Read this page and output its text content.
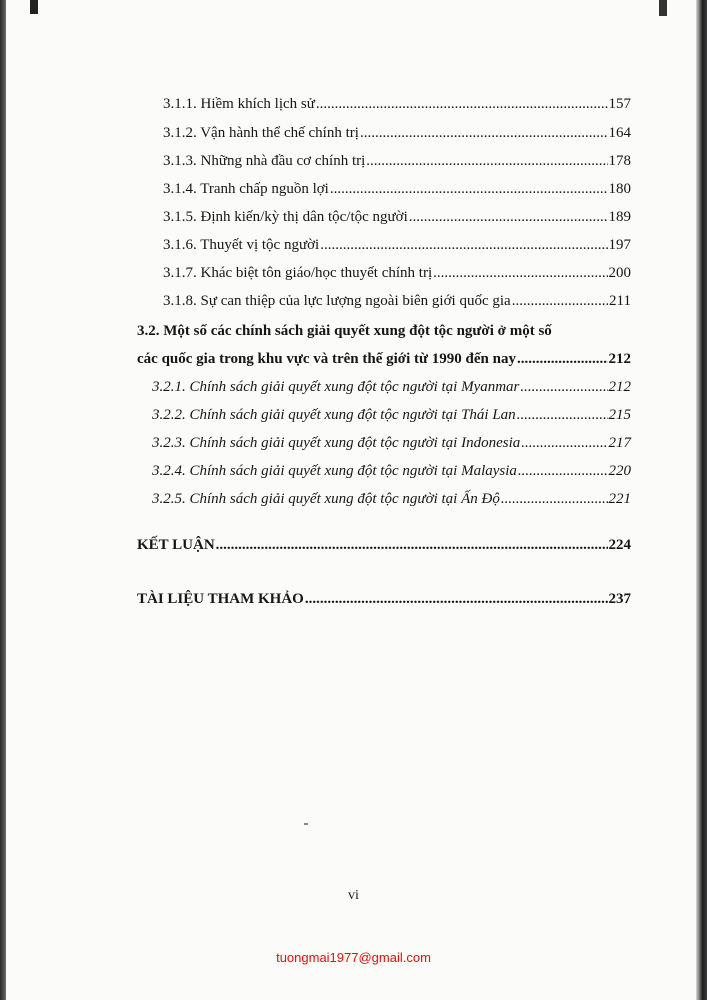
3.1.1. Hiềm khích lịch sử .....	157
3.1.2. Vận hành thể chế chính trị .....	164
3.1.3. Những nhà đầu cơ chính trị .....	178
3.1.4. Tranh chấp nguồn lợi .....	180
3.1.5. Định kiến/kỳ thị dân tộc/tộc người .....	189
3.1.6. Thuyết vị tộc người .....	197
3.1.7. Khác biệt tôn giáo/học thuyết chính trị .....	200
3.1.8. Sự can thiệp của lực lượng ngoài biên giới quốc gia .....	211
3.2. Một số các chính sách giải quyết xung đột tộc người ở một số
các quốc gia trong khu vực và trên thế giới từ 1990 đến nay .....	212
3.2.1. Chính sách giải quyết xung đột tộc người tại Myanmar .....	212
3.2.2. Chính sách giải quyết xung đột tộc người tại Thái Lan .....	215
3.2.3. Chính sách giải quyết xung đột tộc người tại Indonesia .....	217
3.2.4. Chính sách giải quyết xung đột tộc người tại Malaysia .....	220
3.2.5. Chính sách giải quyết xung đột tộc người tại Ấn Độ .....	221
KẾT LUẬN .....	224
TÀI LIỆU THAM KHẢO .....	237
vi
tuongmai1977@gmail.com
